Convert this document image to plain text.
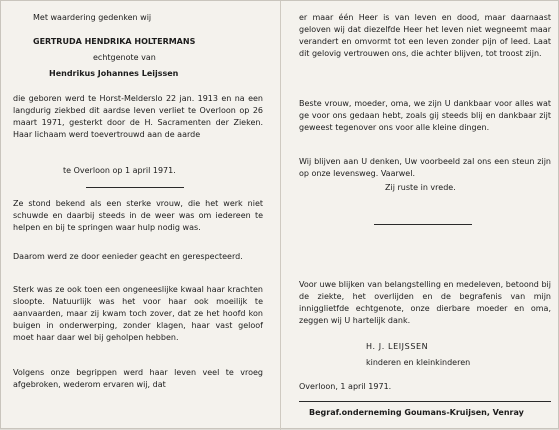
Met waardering gedenken wij
GERTRUDA HENDRIKA HOLTERMANS
echtgenote van
Hendrikus Johannes Leijssen
die geboren werd te Horst-Melderslo 22 jan. 1913 en na een langdurig ziekbed dit aardse leven verliet te Overloon op 26 maart 1971, gesterkt door de H. Sacramenten der Zieken. Haar lichaam werd toevertrouwd aan de aarde
te Overloon op 1 april 1971.
Ze stond bekend als een sterke vrouw, die het werk niet schuwde en daarbij steeds in de weer was om iedereen te helpen en bij te springen waar hulp nodig was.
Daarom werd ze door eenieder geacht en gerespecteerd.
Sterk was ze ook toen een ongeneeslijke kwaal haar krachten sloopte. Natuurlijk was het voor haar ook moeilijk te aanvaarden, maar zij kwam toch zover, dat ze het hoofd kon buigen in onderwerping, zonder klagen, haar vast geloof moet haar daar wel bij geholpen hebben.
Volgens onze begrippen werd haar leven veel te vroeg afgebroken, wederom ervaren wij, dat
er maar één Heer is van leven en dood, maar daarnaast geloven wij dat diezelfde Heer het leven niet wegneemt maar verandert en omvormt tot een leven zonder pijn of leed. Laat dit gelovig vertrouwen ons, die achter blijven, tot troost zijn.
Beste vrouw, moeder, oma, we zijn U dankbaar voor alles wat ge voor ons gedaan hebt, zoals gij steeds blij en dankbaar zijt geweest tegenover ons voor alle kleine dingen.
Wij blijven aan U denken, Uw voorbeeld zal ons een steun zijn op onze levensweg. Vaarwel.
Zij ruste in vrede.
Voor uwe blijken van belangstelling en medeleven, betoond bij de ziekte, het overlijden en de begrafenis van mijn innigglietfde echtgenote, onze dierbare moeder en oma, zeggen wij U hartelijk dank.
H. J. LEIJSSEN
kinderen en kleinkinderen
Overloon, 1 april 1971.
Begraf.onderneming Goumans-Kruijsen, Venray
